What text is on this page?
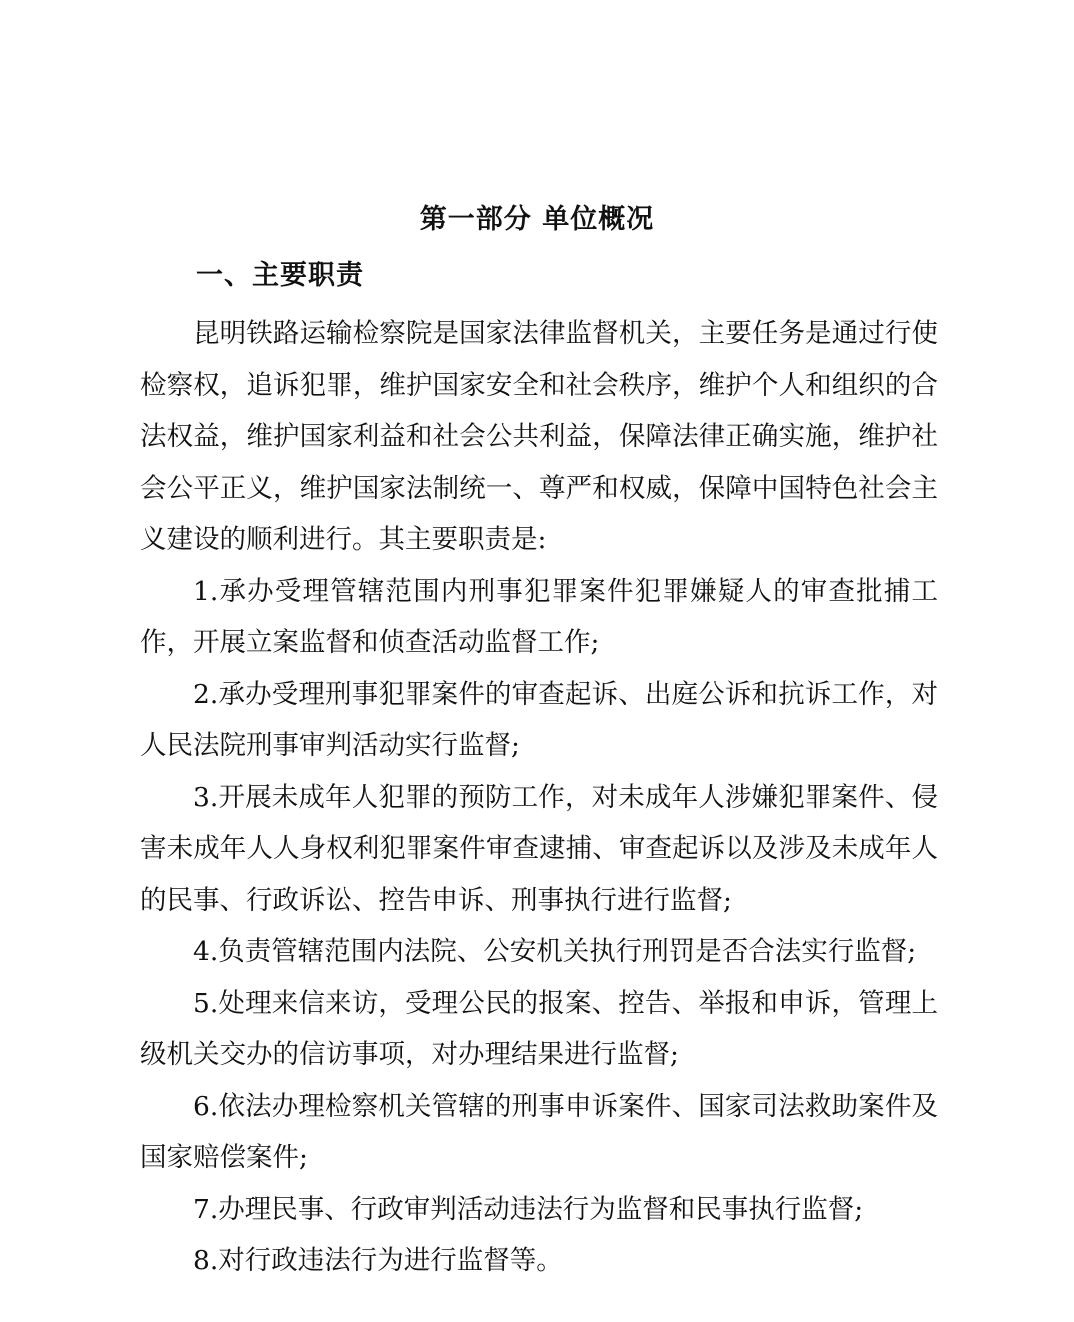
第一部分 单位概况
一、主要职责

昆明铁路运输检察院是国家法律监督机关，主要任务是通过行使检察权，追诉犯罪，维护国家安全和社会秩序，维护个人和组织的合法权益，维护国家利益和社会公共利益，保障法律正确实施，维护社会公平正义，维护国家法制统一、尊严和权威，保障中国特色社会主义建设的顺利进行。其主要职责是:

1.承办受理管辖范围内刑事犯罪案件犯罪嫌疑人的审查批捕工作，开展立案监督和侦查活动监督工作;

2.承办受理刑事犯罪案件的审查起诉、出庭公诉和抗诉工作，对人民法院刑事审判活动实行监督;

3.开展未成年人犯罪的预防工作，对未成年人涉嫌犯罪案件、侵害未成年人人身权利犯罪案件审查逮捕、审查起诉以及涉及未成年人的民事、行政诉讼、控告申诉、刑事执行进行监督;

4.负责管辖范围内法院、公安机关执行刑罚是否合法实行监督;

5.处理来信来访，受理公民的报案、控告、举报和申诉，管理上级机关交办的信访事项，对办理结果进行监督;

6.依法办理检察机关管辖的刑事申诉案件、国家司法救助案件及国家赔偿案件;

7.办理民事、行政审判活动违法行为监督和民事执行监督;

8.对行政违法行为进行监督等。
